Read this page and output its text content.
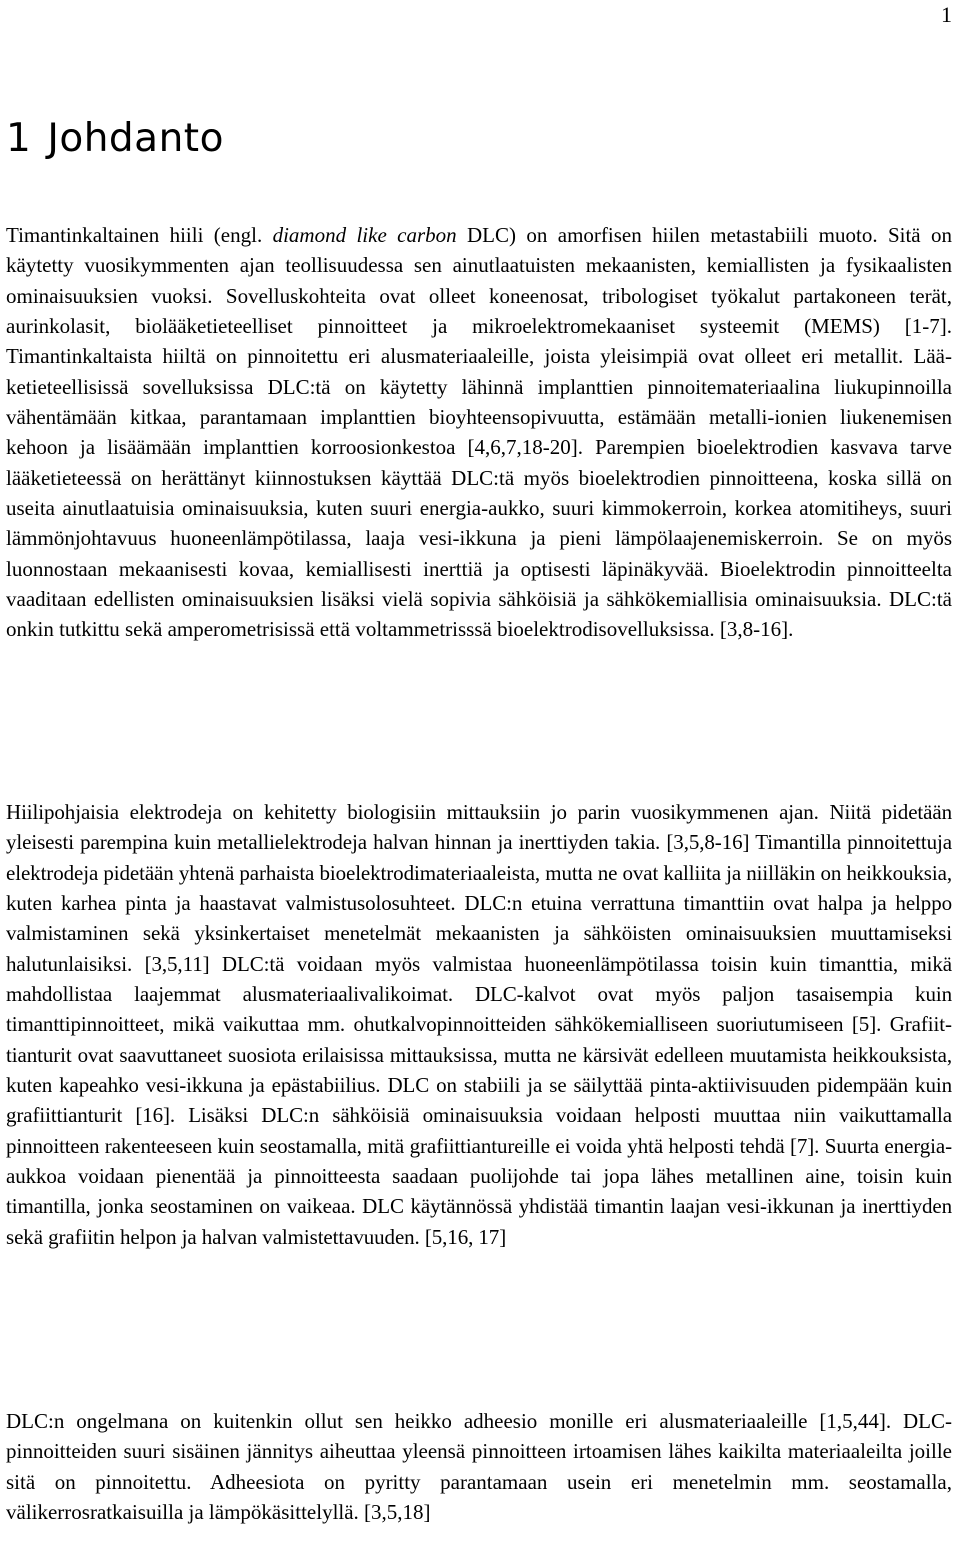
1
1 Johdanto

Timantinkaltainen hiili (engl. diamond like carbon DLC) on amorfisen hiilen metastabiili muoto. Sitä on käytetty vuosikymmenten ajan teollisuudessa sen ainutlaatuisten mekaanisten, kemiallisten ja fysikaalisten ominaisuuksien vuoksi. Sovelluskohteita ovat olleet koneenosat, tribologiset työkalut partakoneen terät, aurinkolasit, biolääketieteelliset pinnoitteet ja mikroelektromekaaniset systeemit (MEMS) [1-7]. Timantinkaltaista hiiltä on pinnoitettu eri alusmateriaaleille, joista yleisimpiä ovat olleet eri metallit. Lääketieteellisissä sovelluksissa DLC:tä on käytetty lähinnä implanttien pinnoitemateriaalina liukupinnoilla vähentämään kitkaa, parantamaan implanttien bioyhteensopivuutta, estämään metalli-ionien liukenemisen kehoon ja lisäämään implanttien korroosionkestoa [4,6,7,18-20]. Parempien bioelektrodien kasvava tarve lääketieteessä on herättänyt kiinnostuksen käyttää DLC:tä myös bioelektrodien pinnoitteena, koska sillä on useita ainutlaatuisia ominaisuuksia, kuten suuri energia-aukko, suuri kimmokerroin, korkea atomitiheys, suuri lämmönjohtavuus huoneenlämpötilassa, laaja vesi-ikkuna ja pieni lämpölaajenemiskerroin. Se on myös luonnostaan mekaanisesti kovaa, kemiallisesti inerttiä ja optisesti läpinäkyvää. Bioelektrodin pinnoitteelta vaaditaan edellisten ominaisuuksien lisäksi vielä sopivia sähköisiä ja sähkökemiallisia ominaisuuksia. DLC:tä onkin tutkittu sekä amperometrisissä että voltammetrisssä bioelektrodisovelluksissa. [3,8-16].

Hiilipohjaisia elektrodeja on kehitetty biologisiin mittauksiin jo parin vuosikymmenen ajan. Niitä pidetään yleisesti parempina kuin metallielektrodeja halvan hinnan ja inerttiyden takia. [3,5,8-16] Timantilla pinnoitettuja elektrodeja pidetään yhtenä parhaista bioelektrodimateriaaleista, mutta ne ovat kalliita ja niilläkin on heikkouksia, kuten karhea pinta ja haastavat valmistusolosuhteet. DLC:n etuina verrattuna timanttiin ovat halpa ja helppo valmistaminen sekä yksinkertaiset menetelmät mekaanisten ja sähköisten ominaisuuksien muuttamiseksi halutunlaisiksi. [3,5,11] DLC:tä voidaan myös valmistaa huoneenlämpötilassa toisin kuin timanttia, mikä mahdollistaa laajemmat alusmateriaalivalikoimat. DLC-kalvot ovat myös paljon tasaisempia kuin timanttipinnoitteet, mikä vaikuttaa mm. ohutkalvopinnoitteiden sähkökemialliseen suoriutumiseen [5]. Grafiittianturit ovat saavuttaneet suosiota erilaisissa mittauksissa, mutta ne kärsivät edelleen muutamista heikkouksista, kuten kapeahko vesi-ikkuna ja epästabiilius. DLC on stabiili ja se säilyttää pinta-aktiivisuuden pidempään kuin grafiittianturit [16]. Lisäksi DLC:n sähköisiä ominaisuuksia voidaan helposti muuttaa niin vaikuttamalla pinnoitteen rakenteeseen kuin seostamalla, mitä grafiittiantureille ei voida yhtä helposti tehdä [7]. Suurta energia-aukkoa voidaan pienentää ja pinnoitteesta saadaan puolijohde tai jopa lähes metallinen aine, toisin kuin timantilla, jonka seostaminen on vaikeaa. DLC käytännössä yhdistää timantin laajan vesi-ikkunan ja inerttiyden sekä grafiitin helpon ja halvan valmistettavuuden. [5,16, 17]

DLC:n ongelmana on kuitenkin ollut sen heikko adheesio monille eri alusmateriaaleille [1,5,44]. DLC-pinnoitteiden suuri sisäinen jännitys aiheuttaa yleensä pinnoitteen irtoamisen lähes kaikilta materiaaleilta joille sitä on pinnoitettu. Adheesiota on pyritty parantamaan usein eri menetelmin mm. seostamalla, välikerrosratkaisuilla ja lämpökäsittelyllä. [3,5,18]
